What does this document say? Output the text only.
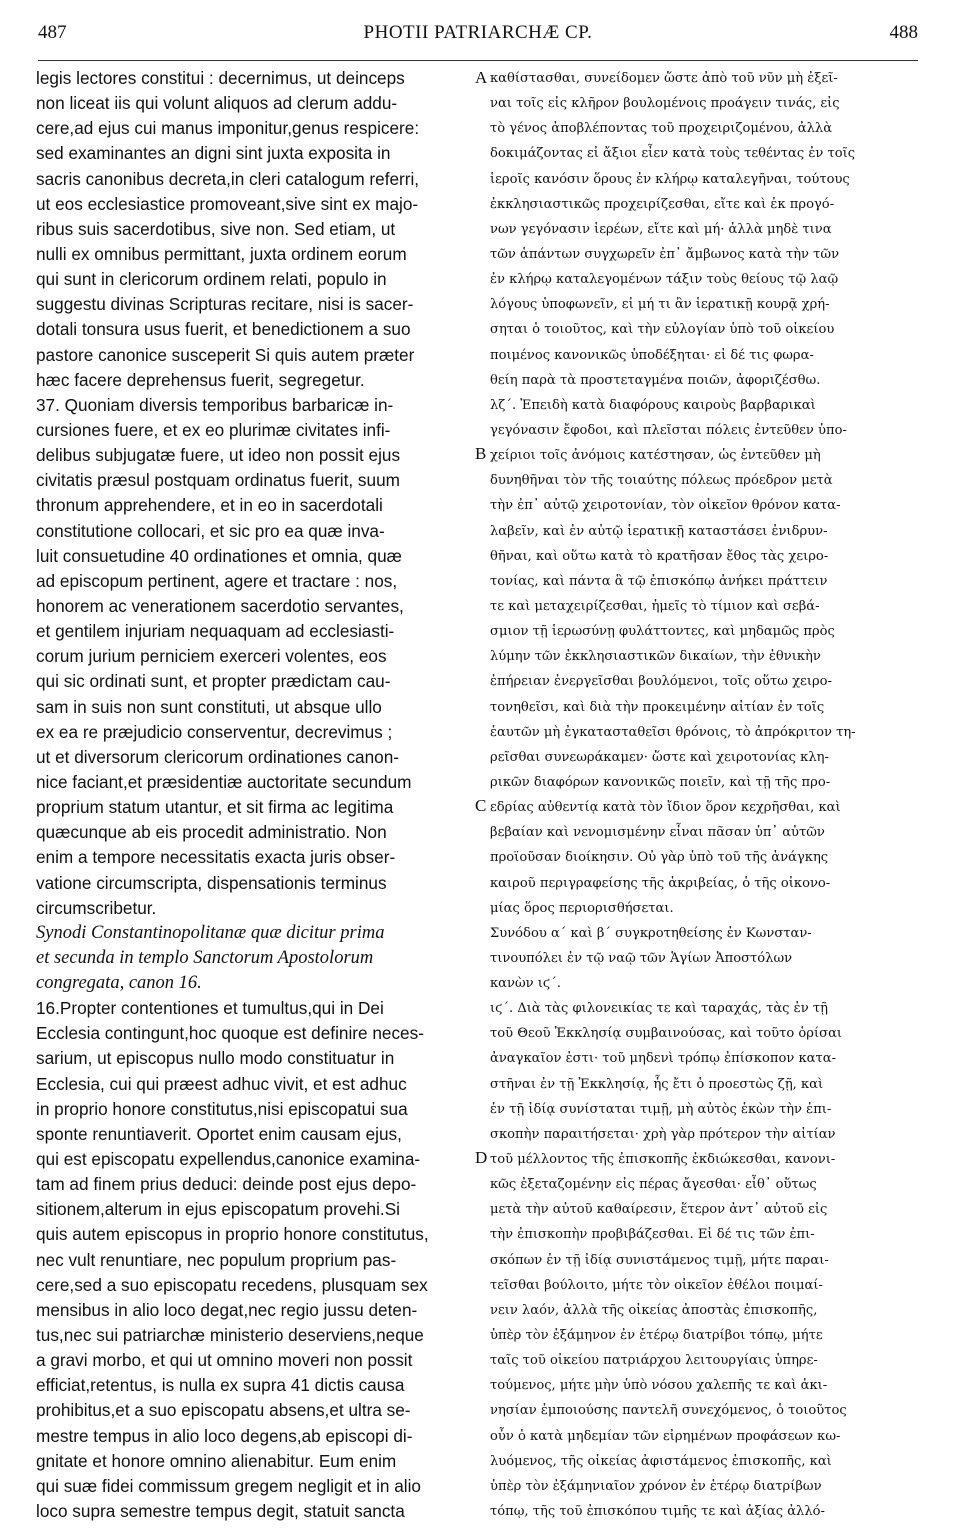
487	PHOTII PATRIARCHÆ CP.	488
legis lectores constitui : decernimus, ut deinceps
non liceat iis qui volunt aliquos ad clerum addu-
cere,ad ejus cui manus imponitur,genus respicere:
sed examinantes an digni sint juxta exposita in
sacris canonibus decreta,in cleri catalogum referri,
ut eos ecclesiastice promoveant,sive sint ex majo-
ribus suis sacerdotibus, sive non. Sed etiam, ut
nulli ex omnibus permittant, juxta ordinem eorum
qui sunt in clericorum ordinem relati, populo in
suggestu divinas Scripturas recitare, nisi is sacer-
dotali tonsura usus fuerit, et benedictionem a suo
pastore canonice susceperit Si quis autem præter
hæc facere deprehensus fuerit, segregetur.
37. Quoniam diversis temporibus barbaricæ in-
cursiones fuere, et ex eo plurimæ civitates infi-
delibus subjugatæ fuere, ut ideo non possit ejus
civitatis præsul postquam ordinatus fuerit, suum
thronum apprehendere, et in eo in sacerdotali
constitutione collocari, et sic pro ea quæ inva-
luit consuetudine 40 ordinationes et omnia, quæ
ad episcopum pertinent, agere et tractare : nos,
honorem ac venerationem sacerdotio servantes,
et gentilem injuriam nequaquam ad ecclesiasti-
corum jurium perniciem exerceri volentes, eos
qui sic ordinati sunt, et propter prædictam cau-
sam in suis non sunt constituti, ut absque ullo
ex ea re præjudicio conserventur, decrevimus ;
ut et diversorum clericorum ordinationes canon-
nice faciant,et præsidentiæ auctoritate secundum
proprium statum utantur, et sit firma ac legitima
quæcunque ab eis procedit administratio. Non
enim a tempore necessitatis exacta juris obser-
vatione circumscripta, dispensationis terminus
circumscribetur.
Synodi Constantinopolitanæ quæ dicitur prima
et secunda in templo Sanctorum Apostolorum
congregata, canon 16.
16.Propter contentiones et tumultus,qui in Dei
Ecclesia contingunt,hoc quoque est definire neces-
sarium, ut episcopus nullo modo constituatur in
Ecclesia, cui qui præest adhuc vivit, et est adhuc
in proprio honore constitutus,nisi episcopatui sua
sponte renuntiaverit. Oportet enim causam ejus,
qui est episcopatu expellendus,canonice examina-
tam ad finem prius deduci: deinde post ejus depo-
sitionem,alterum in ejus episcopatum provehi.Si
quis autem episcopus in proprio honore constitutus,
nec vult renuntiare, nec populum proprium pas-
cere,sed a suo episcopatu recedens, plusquam sex
mensibus in alio loco degat,nec regio jussu deten-
tus,nec sui patriarchæ ministerio deserviens,neque
a gravi morbo, et qui ut omnino moveri non possit
efficiat,retentus, is nulla ex supra 41 dictis causa
prohibitus,et a suo episcopatu absens,et ultra se-
mestre tempus in alio loco degens,ab episcopi di-
gnitate et honore omnino alienabitur. Eum enim
qui suæ fidei commissum gregem negligit et in alio
loco supra semestre tempus degit, statuit sancta
καθίστασθαι, συνείδομεν ὥστε ἀπὸ τοῦ νῦν μὴ ἐξεῖ-
ναι τοῖς εἰς κλῆρον βουλομένοις προάγειν τινάς, εἰς
τὸ γένος ἀποβλέποντας τοῦ προχειριζομένου, ἀλλὰ
δοκιμάζοντας εἰ ἄξιοι εἶεν κατὰ τοὺς τεθέντας ἐν τοῖς
ἱεροῖς κανόσιν ὅρους ἐν κλήρῳ καταλεγῆναι, τούτους
ἐκκλησιαστικῶς προχειρίζεσθαι, εἴτε καὶ ἐκ προγό-
νων γεγόνασιν ἱερέων, εἴτε καὶ μή· ἀλλὰ μηδὲ τινα
τῶν ἁπάντων συγχωρεῖν ἐπ᾽ ἄμβωνος κατὰ τὴν τῶν
ἐν κλήρῳ καταλεγομένων τάξιν τοὺς θείους τῷ λαῷ
λόγους ὑποφωνεῖν, εἰ μή τι ἂν ἱερατικῇ κουρᾷ χρή-
σηται ὁ τοιοῦτος, καὶ τὴν εὐλογίαν ὑπὸ τοῦ οἰκείου
ποιμένος κανονικῶς ὑποδέξηται· εἰ δέ τις φωρα-
θείη παρὰ τὰ προστεταγμένα ποιῶν, ἀφοριζέσθω.
λζ΄. Ἐπειδὴ κατὰ διαφόρους καιροὺς βαρβαρικαὶ
γεγόνασιν ἔφοδοι, καὶ πλεῖσται πόλεις ἐντεῦθεν ὑπο-
χείριοι τοῖς ἀνόμοις κατέστησαν, ὡς ἐντεῦθεν μὴ
δυνηθῆναι τὸν τῆς τοιαύτης πόλεως πρόεδρον μετὰ
τὴν ἐπ᾽ αὐτῷ χειροτονίαν, τὸν οἰκεῖον θρόνον κατα-
λαβεῖν, καὶ ἐν αὐτῷ ἱερατικῇ καταστάσει ἐνιδρυν-
θῆναι, καὶ οὕτω κατὰ τὸ κρατῆσαν ἔθος τὰς χειρο-
τονίας, καὶ πάντα ἃ τῷ ἐπισκόπῳ ἀνήκει πράττειν
τε καὶ μεταχειρίζεσθαι, ἡμεῖς τὸ τίμιον καὶ σεβά-
σμιον τῇ ἱερωσύνῃ φυλάττοντες, καὶ μηδαμῶς πρὸς
λύμην τῶν ἐκκλησιαστικῶν δικαίων, τὴν ἐθνικὴν
ἐπήρειαν ἐνεργεῖσθαι βουλόμενοι, τοῖς οὕτω χειρο-
τονηθεῖσι, καὶ διὰ τὴν προκειμένην αἰτίαν ἐν τοῖς
ἑαυτῶν μὴ ἐγκατασταθεῖσι θρόνοις, τὸ ἀπρόκριτον τη-
ρεῖσθαι συνεωράκαμεν· ὥστε καὶ χειροτονίας κλη-
ρικῶν διαφόρων κανονικῶς ποιεῖν, καὶ τῇ τῆς προ-
εδρίας αὐθεντίᾳ κατὰ τὸν ἴδιον ὅρον κεχρῆσθαι, καὶ
βεβαίαν καὶ νενομισμένην εἶναι πᾶσαν ὑπ᾽ αὐτῶν
προϊοῦσαν διοίκησιν. Οὐ γὰρ ὑπὸ τοῦ τῆς ἀνάγκης
καιροῦ περιγραφείσης τῆς ἀκριβείας, ὁ τῆς οἰκονο-
μίας ὅρος περιορισθήσεται.
Συνόδου α΄ καὶ β΄ συγκροτηθείσης ἐν Κωνσταν-
τινουπόλει ἐν τῷ ναῷ τῶν Ἁγίων Ἀποστόλων
κανὼν ιϛ΄.
ιϛ΄. Διὰ τὰς φιλονεικίας τε καὶ ταραχάς, τὰς ἐν τῇ
τοῦ Θεοῦ Ἐκκλησίᾳ συμβαινούσας, καὶ τοῦτο ὁρίσαι
ἀναγκαῖον ἐστι· τοῦ μηδενὶ τρόπῳ ἐπίσκοπον κατα-
στῆναι ἐν τῇ Ἐκκλησίᾳ, ἧς ἔτι ὁ προεστὼς ζῇ, καὶ
ἐν τῇ ἰδίᾳ συνίσταται τιμῇ, μὴ αὐτὸς ἑκὼν τὴν ἐπι-
σκοπὴν παραιτήσεται· χρὴ γὰρ πρότερον τὴν αἰτίαν
τοῦ μέλλοντος τῆς ἐπισκοπῆς ἐκδιώκεσθαι, κανονι-
κῶς ἐξεταζομένην εἰς πέρας ἄγεσθαι· εἶθ᾽ οὕτως
μετὰ τὴν αὐτοῦ καθαίρεσιν, ἕτερον ἀντ᾽ αὐτοῦ εἰς
τὴν ἐπισκοπὴν προβιβάζεσθαι. Εἰ δέ τις τῶν ἐπι-
σκόπων ἐν τῇ ἰδίᾳ συνιστάμενος τιμῇ, μήτε παραι-
τεῖσθαι βούλοιτο, μήτε τὸν οἰκεῖον ἐθέλοι ποιμαί-
νειν λαόν, ἀλλὰ τῆς οἰκείας ἀποστὰς ἐπισκοπῆς,
ὑπὲρ τὸν ἐξάμηνον ἐν ἑτέρῳ διατρίβοι τόπῳ, μήτε
ταῖς τοῦ οἰκείου πατριάρχου λειτουργίαις ὑπηρε-
τούμενος, μήτε μὴν ὑπὸ νόσου χαλεπῆς τε καὶ ἀκι-
νησίαν ἐμποιούσης παντελῆ συνεχόμενος, ὁ τοιοῦτος
οὖν ὁ κατὰ μηδεμίαν τῶν εἰρημένων προφάσεων κω-
λυόμενος, τῆς οἰκείας ἀφιστάμενος ἐπισκοπῆς, καὶ
ὑπὲρ τὸν ἐξάμηνιαῖον χρόνον ἐν ἑτέρῳ διατρίβων
τόπῳ, τῆς τοῦ ἐπισκόπου τιμῆς τε καὶ ἀξίας ἀλλό-
A
B
C
D
